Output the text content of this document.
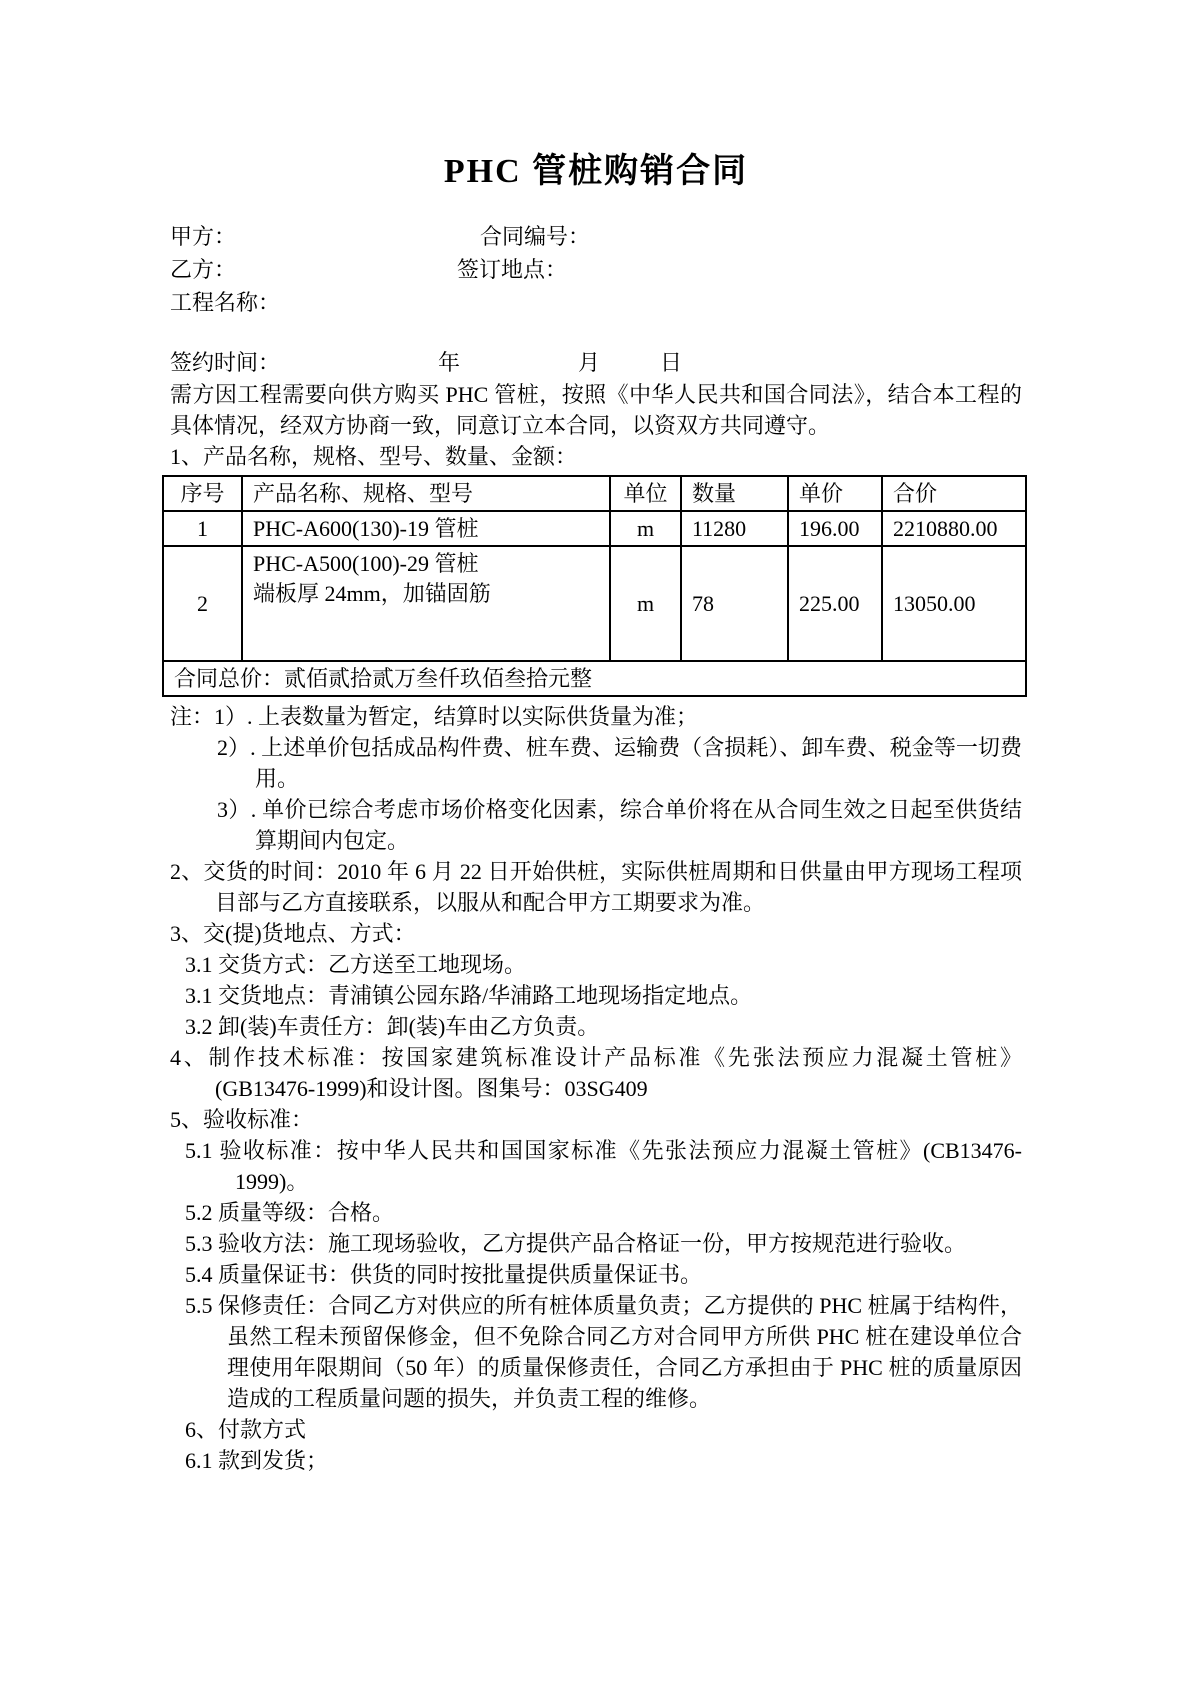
PHC 管桩购销合同
甲方：	合同编号：
乙方：	签订地点：
工程名称：
签约时间：	年	月	日
需方因工程需要向供方购买 PHC 管桩，按照《中华人民共和国合同法》，结合本工程的具体情况，经双方协商一致，同意订立本合同，以资双方共同遵守。
1、产品名称，规格、型号、数量、金额：
序号	产品名称、规格、型号	单位	数量	单价	合价
1	PHC-A600(130)-19 管桩	m	11280	196.00	2210880.00
2	PHC-A500(100)-29 管桩
端板厚 24mm，加锚固筋	m	78	225.00	13050.00
合同总价：贰佰贰拾贰万叁仟玖佰叁拾元整					
注：1）. 上表数量为暂定，结算时以实际供货量为准；
2）. 上述单价包括成品构件费、桩车费、运输费（含损耗）、卸车费、税金等一切费用。
3）. 单价已综合考虑市场价格变化因素，综合单价将在从合同生效之日起至供货结算期间内包定。
2、交货的时间：2010 年 6 月 22 日开始供桩，实际供桩周期和日供量由甲方现场工程项目部与乙方直接联系，以服从和配合甲方工期要求为准。
3、交(提)货地点、方式：
3.1 交货方式：乙方送至工地现场。
3.1 交货地点：青浦镇公园东路/华浦路工地现场指定地点。
3.2 卸(装)车责任方：卸(装)车由乙方负责。
4、制作技术标准：按国家建筑标准设计产品标准《先张法预应力混凝土管桩》(GB13476-1999)和设计图。图集号：03SG409
5、验收标准：
5.1 验收标准：按中华人民共和国国家标准《先张法预应力混凝土管桩》(CB13476-1999)。
5.2 质量等级：合格。
5.3 验收方法：施工现场验收，乙方提供产品合格证一份，甲方按规范进行验收。
5.4 质量保证书：供货的同时按批量提供质量保证书。
5.5 保修责任：合同乙方对供应的所有桩体质量负责；乙方提供的 PHC 桩属于结构件，虽然工程未预留保修金，但不免除合同乙方对合同甲方所供 PHC 桩在建设单位合理使用年限期间（50 年）的质量保修责任，合同乙方承担由于 PHC 桩的质量原因造成的工程质量问题的损失，并负责工程的维修。
6、付款方式
6.1 款到发货；
